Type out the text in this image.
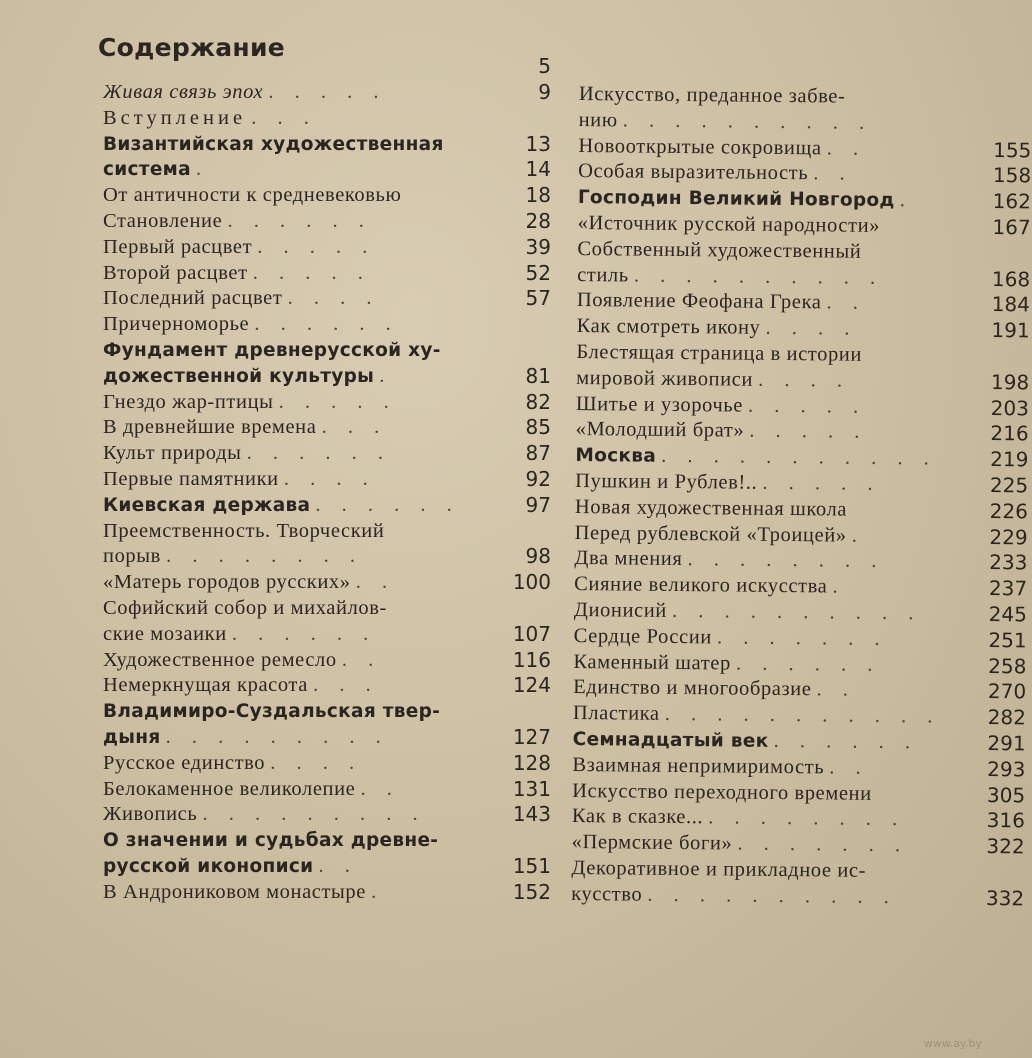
Содержание
5
Живая связь эпох . . . . .	9
Вступление . . .
Византийская художественная	13
система .	14
От античности к средневековью	18
Становление . . . . . .	28
Первый расцвет . . . . .	39
Второй расцвет . . . . .	52
Последний расцвет . . . .	57
Причерноморье . . . . . .
Фундамент древнерусской ху-
дожественной культуры .	81
Гнездо жар-птицы . . . . .	82
В древнейшие времена . . .	85
Культ природы . . . . . .	87
Первые памятники . . . .	92
Киевская держава . . . . . .	97
Преемственность. Творческий
порыв . . . . . . . .	98
«Матерь городов русских» . .	100
Софийский собор и михайлов-
ские мозаики . . . . . .	107
Художественное ремесло . .	116
Немеркнущая красота . . .	124
Владимиро-Суздальская твер-
дыня . . . . . . . . .	127
Русское единство . . . .	128
Белокаменное великолепие . .	131
Живопись . . . . . . . . .	143
О значении и судьбах древне-
русской иконописи . .	151
В Андрониковом монастыре .	152
Искусство, преданное забве-
нию . . . . . . . . . .
Новооткрытые сокровища . .	155
Особая выразительность . .	158
Господин Великий Новгород .	162
«Источник русской народности»	167
Собственный художественный
стиль . . . . . . . . . .	168
Появление Феофана Грека . .	184
Как смотреть икону . . . .	191
Блестящая страница в истории
мировой живописи . . . .	198
Шитье и узорочье . . . . .	203
«Молодший брат» . . . . .	216
Москва . . . . . . . . . . .	219
Пушкин и Рублев!.. . . . . .	225
Новая художественная школа	226
Перед рублевской «Троицей» .	229
Два мнения . . . . . . . .	233
Сияние великого искусства .	237
Дионисий . . . . . . . . . .	245
Сердце России . . . . . . .	251
Каменный шатер . . . . . .	258
Единство и многообразие . .	270
Пластика . . . . . . . . . . .	282
Семнадцатый век . . . . . .	291
Взаимная непримиримость . .	293
Искусство переходного времени	305
Как в сказке... . . . . . . . .	316
«Пермские боги» . . . . . . .	322
Декоративное и прикладное ис-
кусство . . . . . . . . . .	332
www.ay.by
